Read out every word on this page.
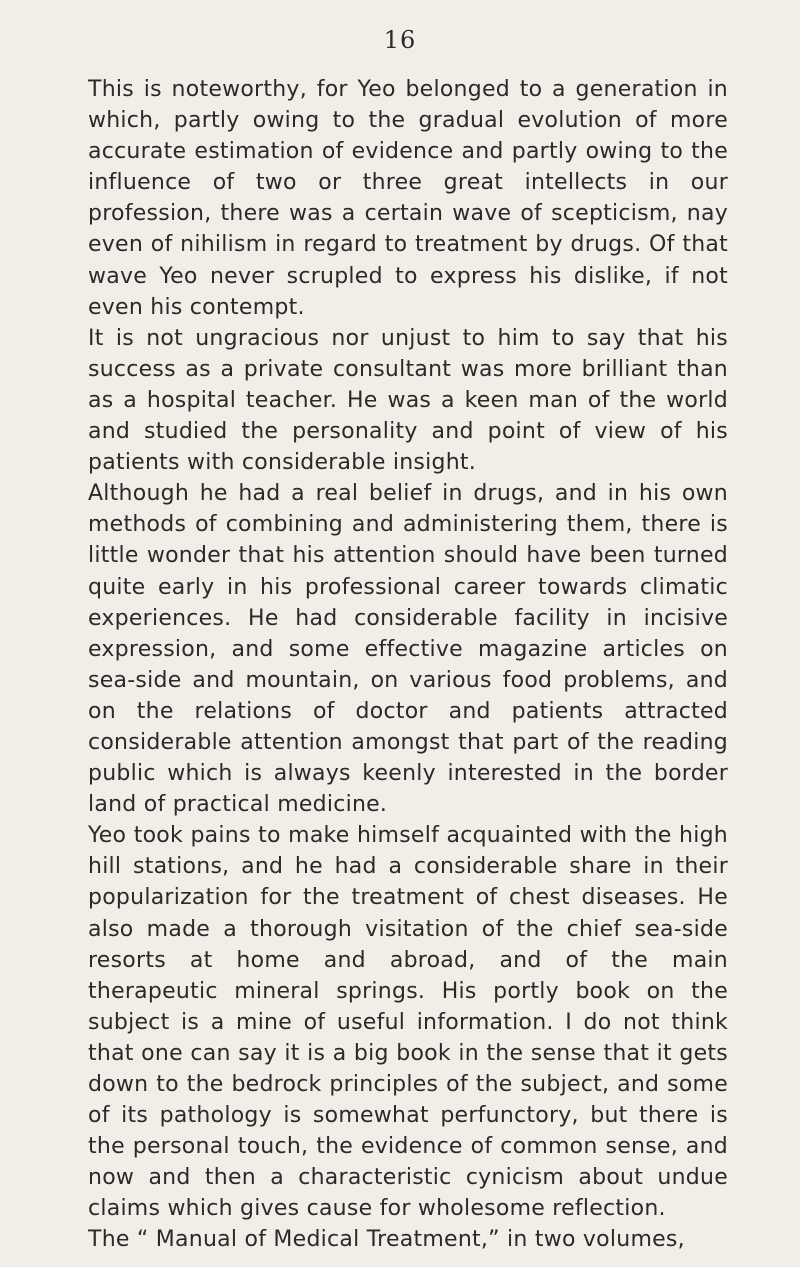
16

This is noteworthy, for Yeo belonged to a generation in which, partly owing to the gradual evolution of more accurate estimation of evidence and partly owing to the influence of two or three great intellects in our profession, there was a certain wave of scepticism, nay even of nihilism in regard to treatment by drugs. Of that wave Yeo never scrupled to express his dislike, if not even his contempt.

It is not ungracious nor unjust to him to say that his success as a private consultant was more brilliant than as a hospital teacher. He was a keen man of the world and studied the personality and point of view of his patients with considerable insight.

Although he had a real belief in drugs, and in his own methods of combining and administering them, there is little wonder that his attention should have been turned quite early in his professional career towards climatic experiences. He had considerable facility in incisive expression, and some effective magazine articles on sea-side and mountain, on various food problems, and on the relations of doctor and patients attracted considerable attention amongst that part of the reading public which is always keenly interested in the border land of practical medicine.

Yeo took pains to make himself acquainted with the high hill stations, and he had a considerable share in their popularization for the treatment of chest diseases. He also made a thorough visitation of the chief sea-side resorts at home and abroad, and of the main therapeutic mineral springs. His portly book on the subject is a mine of useful information. I do not think that one can say it is a big book in the sense that it gets down to the bedrock principles of the subject, and some of its pathology is somewhat perfunctory, but there is the personal touch, the evidence of common sense, and now and then a characteristic cynicism about undue claims which gives cause for wholesome reflection.

The “ Manual of Medical Treatment,” in two volumes,
